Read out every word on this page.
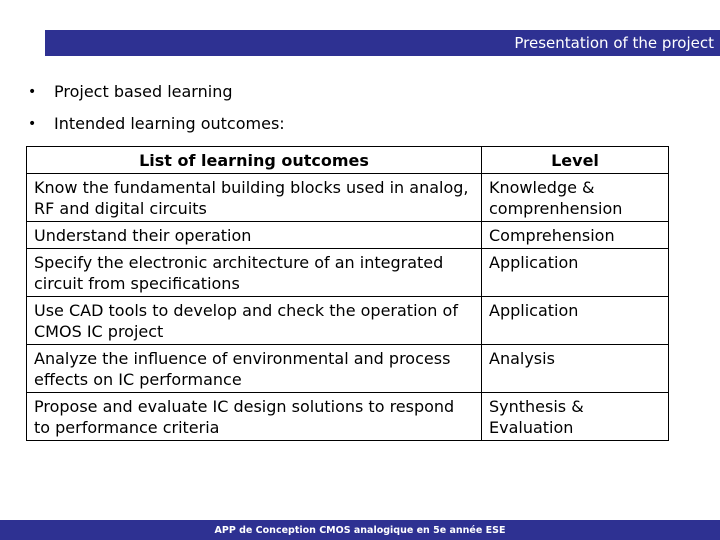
Presentation of the project
•	Project based learning
•	Intended learning outcomes:
List of learning outcomes	Level
Know the fundamental building blocks used in analog, RF and digital circuits	Knowledge & comprenhension
Understand their operation	Comprehension
Specify the electronic architecture of an integrated circuit from specifications	Application
Use CAD tools to develop and check the operation of CMOS IC project	Application
Analyze the influence of environmental and process effects on IC performance	Analysis
Propose and evaluate IC design solutions to respond to performance criteria	Synthesis & Evaluation
APP de Conception CMOS analogique en 5e année ESE
